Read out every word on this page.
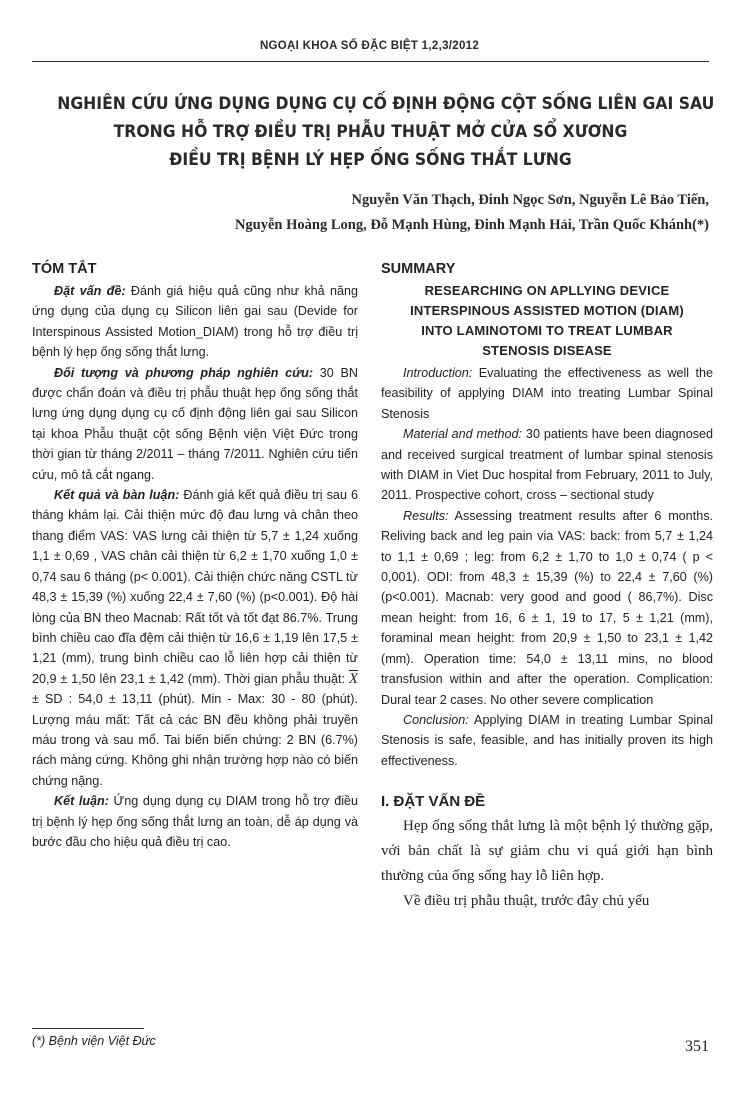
NGOẠI KHOA SỐ ĐẶC BIỆT 1,2,3/2012
NGHIÊN CỨU ỨNG DỤNG DỤNG CỤ CỐ ĐỊNH ĐỘNG CỘT SỐNG LIÊN GAI SAU
TRONG HỖ TRỢ ĐIỀU TRỊ PHẪU THUẬT MỞ CỬA SỔ XƯƠNG
ĐIỀU TRỊ BỆNH LÝ HẸP ỐNG SỐNG THẮT LƯNG
Nguyễn Văn Thạch, Đinh Ngọc Sơn, Nguyễn Lê Bảo Tiến,
Nguyễn Hoàng Long, Đỗ Mạnh Hùng, Đinh Mạnh Hải, Trần Quốc Khánh(*)
TÓM TẮT

Đặt vấn đề: Đánh giá hiệu quả cũng như khả năng ứng dụng của dụng cụ Silicon liên gai sau (Devide for Interspinous Assisted Motion_DIAM) trong hỗ trợ điều trị bệnh lý hẹp ống sống thắt lưng.

Đối tượng và phương pháp nghiên cứu: 30 BN được chẩn đoán và điều trị phẫu thuật hẹp ống sống thắt lưng ứng dụng dụng cụ cố định động liên gai sau Silicon tại khoa Phẫu thuật cột sống Bệnh viện Việt Đức trong thời gian từ tháng 2/2011 – tháng 7/2011. Nghiên cứu tiến cứu, mô tả cắt ngang.

Kết quả và bàn luận: Đánh giá kết quả điều trị sau 6 tháng khám lại. Cải thiện mức độ đau lưng và chân theo thang điểm VAS: VAS lưng cải thiện từ 5,7 ± 1,24 xuống 1,1 ± 0,69 , VAS chân cải thiện từ 6,2 ± 1,70 xuống 1,0 ± 0,74 sau 6 tháng (p< 0.001). Cải thiện chức năng CSTL từ 48,3 ± 15,39 (%) xuống 22,4 ± 7,60 (%) (p<0.001). Độ hài lòng của BN theo Macnab: Rất tốt và tốt đạt 86.7%. Trung bình chiều cao đĩa đệm cải thiện từ 16,6 ± 1,19 lên 17,5 ± 1,21 (mm), trung bình chiều cao lỗ liên hợp cải thiện từ 20,9 ± 1,50 lên 23,1 ± 1,42 (mm). Thời gian phẫu thuật: $\overline{X}$ ± SD : 54,0 ± 13,11 (phút). Min - Max: 30 - 80 (phút). Lượng máu mất: Tất cả các BN đều không phải truyền máu trong và sau mổ. Tai biến biến chứng: 2 BN (6.7%) rách màng cứng. Không ghi nhận trường hợp nào có biến chứng nặng.

Kết luận: Ứng dụng dụng cụ DIAM trong hỗ trợ điều trị bệnh lý hẹp ống sống thắt lưng an toàn, dễ áp dụng và bước đầu cho hiệu quả điều trị cao.

SUMMARY
RESEARCHING ON APLLYING DEVICE
INTERSPINOUS ASSISTED MOTION (DIAM)
INTO LAMINOTOMI TO TREAT LUMBAR
STENOSIS DISEASE

Introduction: Evaluating the effectiveness as well the feasibility of applying DIAM into treating Lumbar Spinal Stenosis

Material and method: 30 patients have been diagnosed and received surgical treatment of lumbar spinal stenosis with DIAM in Viet Duc hospital from February, 2011 to July, 2011. Prospective cohort, cross – sectional study

Results: Assessing treatment results after 6 months. Reliving back and leg pain via VAS: back: from 5,7 ± 1,24 to 1,1 ± 0,69 ; leg: from 6,2 ± 1,70 to 1,0 ± 0,74 ( p < 0,001). ODI: from 48,3 ± 15,39 (%) to 22,4 ± 7,60 (%) (p<0.001). Macnab: very good and good ( 86,7%). Disc mean height: from 16, 6 ± 1, 19 to 17, 5 ± 1,21 (mm), foraminal mean height: from 20,9 ± 1,50 to 23,1 ± 1,42 (mm). Operation time: 54,0 ± 13,11 mins, no blood transfusion within and after the operation. Complication: Dural tear 2 cases. No other severe complication

Conclusion: Applying DIAM in treating Lumbar Spinal Stenosis is safe, feasible, and has initially proven its high effectiveness.

I. ĐẶT VẤN ĐỀ

Hẹp ống sống thắt lưng là một bệnh lý thường gặp, với bản chất là sự giảm chu vi quá giới hạn bình thường của ống sống hay lỗ liên hợp.

Về điều trị phẫu thuật, trước đây chủ yếu

(*) Bệnh viện Việt Đức	351
